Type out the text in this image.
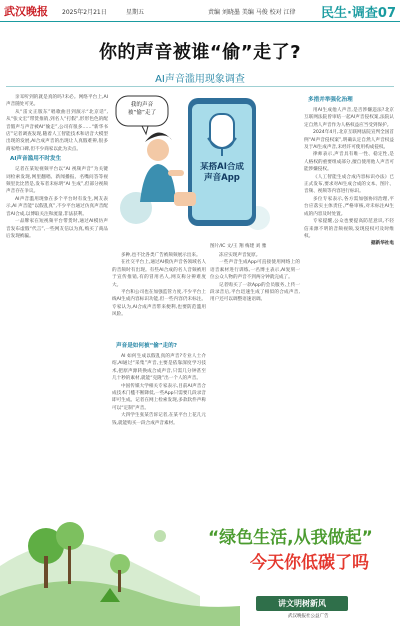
武汉晚报 2025年2月21日	星期五	责编 刘晓墨 美编 马俊 校对 江律 民生·调查07
你的声音被谁“偷”走了?
AI声音滥用现象调查
我的声音被“偷”走了
某搭AI合成声音App
图片/IC 文/王 翔 梅建 刘 雅

亲耳听到的就是真的吗?未必。网络平台上,AI声音随处可见。

从“雷文正版东”唱歌曲目到演示“北京话”,从“张文宏”带货推销,到名人“打假”,形形色色的配音假声与声音被AI“偷走”,公司有很多……“新华书店”记者调查发现,随着人工智能技术和语音大模型出现的发展,AI合成声音的出现让人真假难辨,很多商家给口碑,但不少商家以此为卖点。

AI声音滥用不时发生

记者在某短视频平台以“AI 视频声音”为关键词检索发现,网里翻唱、新闻播报、名嘴问答等视频里比比皆是,发布者未标明“AI 生成”,但部分视频声音存在争议。

AI声音滥用现象在多个平台时有发生,网友表示,AI 声音能“以假乱真”,不少平台通过仿真声音配音AI合成,以博取关注和流量,非法获利。

一品牌家在短视频平台带货时,通过AI模仿声音发布虚假“代言”,一些网友信以为真,购买了商品后发现被骗。

多种,也不比各类广告被频频展示出来。

在社交平台上,通过AI模仿声音各领域名人的音频时有出现。有些AI合成的名人音频被用于宣传推销,有的冒用名人,网友称分辨难度大。

平台和公司也在加强监管力度,不少平台上线AI生成内容标识功能,但一些内容仍未标注。专家认为,AI合成声音带来便利,也要防范滥用风险。

声音是如何被“偷”走的?

AI 如何生成以假乱真的声音?专业人士介绍,AI通过“采集”声音,主要是依靠深度学习技术,把原声源转换成合成声音,只需几分钟甚至几十秒的素材,就能“克隆”出一个人的声音。

中国传媒大学相关专家表示,目前AI声音合成技术门槛不断降低,一些App只需要几段录音即可生成。记者在网上检索发现,多款软件声称可以“定制”声音。

大四学生张某告诉记者,在某平台上花几元钱,就能购买一段合成声音素材。

冻应实现声音复原。

一些声音生成App可直接使用网络上的语音素材进行训练,一名博主表示,AI复刻一位公众人物的声音不到两分钟就完成了。

记者购买了一款App的会员服务,上传一段录音后,平台迅速生成了相似的合成声音,用户还可以调整语速语调。

多措并举强化治理

用AI生成他人声音,是否涉嫌违法?北京互联网法院曾审结一起AI声音侵权案,法院认定自然人声音作为人格权益应当受到保护。

2024年4月,北京互联网法院宣判全国首例“AI声音侵权案”,明确认定自然人声音权益及于AI生成声音,未经许可使用构成侵权。

律师表示,声音具有唯一性、稳定性,是人格权的重要组成部分,擅自使用他人声音可能涉嫌侵权。

《人工智能生成合成内容标识办法》已正式发布,要求对AI生成合成的文本、图片、音频、视频等内容进行标识。

多位专家表示,各方需加强协同治理,平台应落实主体责任,严格审核,对未标注AI生成的内容及时处置。

专家提醒,公众也要提高防范意识,不轻信来源不明的音频视频,发现侵权可及时维权。

据新华社电
“绿色生活,从我做起”
今天你低碳了吗
讲文明树新风
武汉晚报社公益广告
